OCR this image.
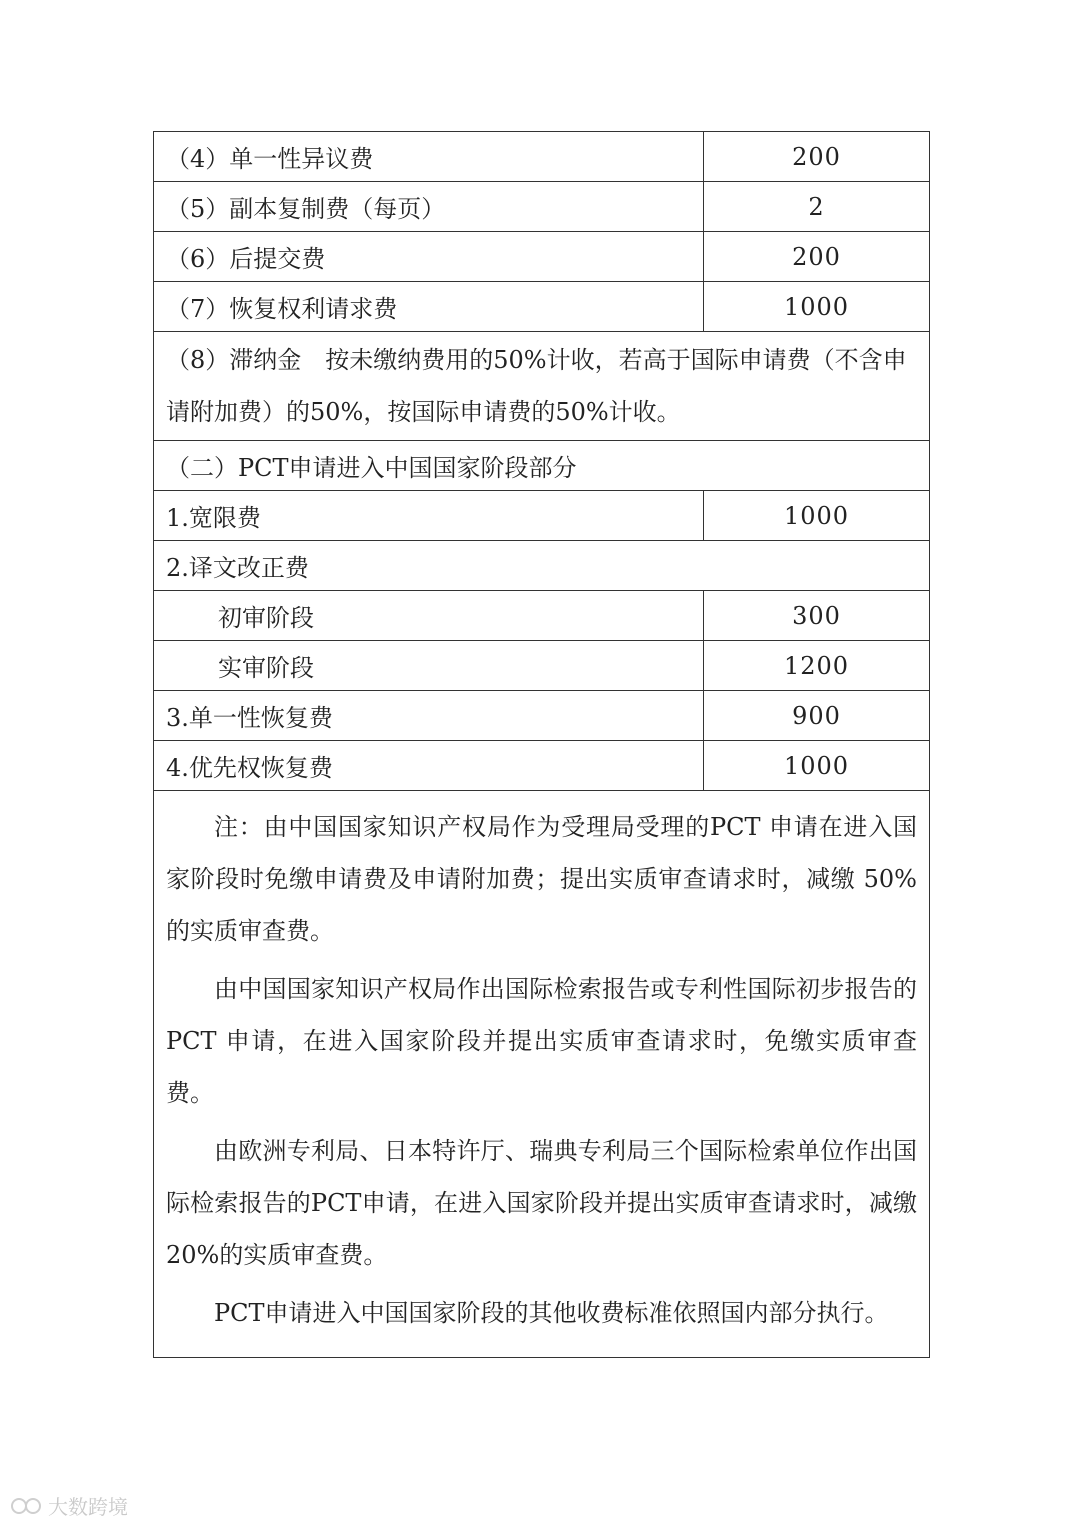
（4）单一性异议费	200
（5）副本复制费（每页）	2
（6）后提交费	200
（7）恢复权利请求费	1000
（8）滞纳金　按未缴纳费用的50%计收，若高于国际申请费（不含申请附加费）的50%，按国际申请费的50%计收。	
（二）PCT申请进入中国国家阶段部分	
1.宽限费	1000
2.译文改正费	
初审阶段	300
实审阶段	1200
3.单一性恢复费	900
4.优先权恢复费	1000

注：由中国国家知识产权局作为受理局受理的PCT 申请在进入国家阶段时免缴申请费及申请附加费；提出实质审查请求时，减缴 50%的实质审查费。

由中国国家知识产权局作出国际检索报告或专利性国际初步报告的 PCT 申请，在进入国家阶段并提出实质审查请求时，免缴实质审查费。

由欧洲专利局、日本特许厅、瑞典专利局三个国际检索单位作出国际检索报告的PCT申请，在进入国家阶段并提出实质审查请求时，减缴 20%的实质审查费。

PCT申请进入中国国家阶段的其他收费标准依照国内部分执行。	

大数跨境
